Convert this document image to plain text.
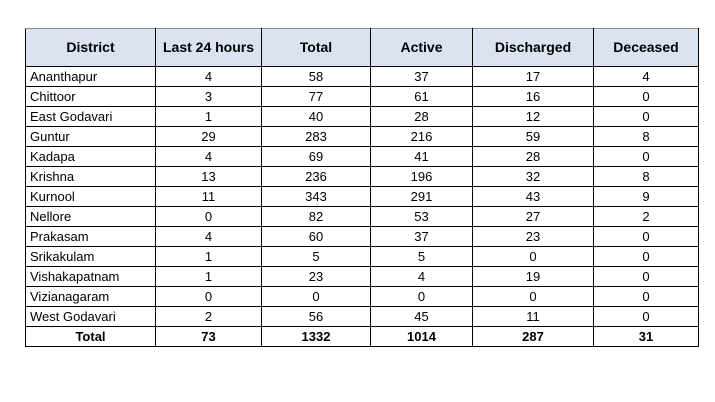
District	Last 24 hours	Total	Active	Discharged	Deceased
Ananthapur	4	58	37	17	4
Chittoor	3	77	61	16	0
East Godavari	1	40	28	12	0
Guntur	29	283	216	59	8
Kadapa	4	69	41	28	0
Krishna	13	236	196	32	8
Kurnool	11	343	291	43	9
Nellore	0	82	53	27	2
Prakasam	4	60	37	23	0
Srikakulam	1	5	5	0	0
Vishakapatnam	1	23	4	19	0
Vizianagaram	0	0	0	0	0
West Godavari	2	56	45	11	0
Total	73	1332	1014	287	31
